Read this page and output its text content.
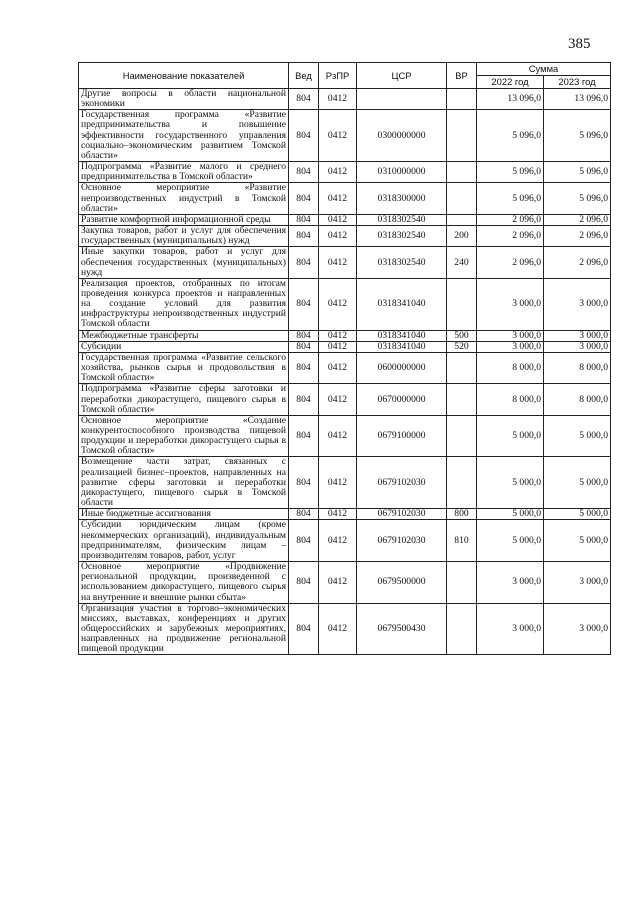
385
Наименование показателей	Вед	РзПР	ЦСР	ВР	Сумма	
					2022 год	2023 год
Другие вопросы в области национальной экономики	804	0412			13 096,0	13 096,0
Государственная программа «Развитие предпринимательства и повышение эффективности государственного управления социально–экономическим развитием Томской области»	804	0412	0300000000		5 096,0	5 096,0
Подпрограмма «Развитие малого и среднего предпринимательства в Томской области»	804	0412	0310000000		5 096,0	5 096,0
Основное мероприятие «Развитие непроизводственных индустрий в Томской области»	804	0412	0318300000		5 096,0	5 096,0
Развитие комфортной информационной среды	804	0412	0318302540		2 096,0	2 096,0
Закупка товаров, работ и услуг для обеспечения государственных (муниципальных) нужд	804	0412	0318302540	200	2 096,0	2 096,0
Иные закупки товаров, работ и услуг для обеспечения государственных (муниципальных) нужд	804	0412	0318302540	240	2 096,0	2 096,0
Реализация проектов, отобранных по итогам проведения конкурса проектов и направленных на создание условий для развития инфраструктуры непроизводственных индустрий Томской области	804	0412	0318341040		3 000,0	3 000,0
Межбюджетные трансферты	804	0412	0318341040	500	3 000,0	3 000,0
Субсидии	804	0412	0318341040	520	3 000,0	3 000,0
Государственная программа «Развитие сельского хозяйства, рынков сырья и продовольствия в Томской области»	804	0412	0600000000		8 000,0	8 000,0
Подпрограмма «Развитие сферы заготовки и переработки дикорастущего, пищевого сырья в Томской области»	804	0412	0670000000		8 000,0	8 000,0
Основное мероприятие «Создание конкурентоспособного производства пищевой продукции и переработки дикорастущего сырья в Томской области»	804	0412	0679100000		5 000,0	5 000,0
Возмещение части затрат, связанных с реализацией бизнес–проектов, направленных на развитие сферы заготовки и переработки дикорастущего, пищевого сырья в Томской области	804	0412	0679102030		5 000,0	5 000,0
Иные бюджетные ассигнования	804	0412	0679102030	800	5 000,0	5 000,0
Субсидии юридическим лицам (кроме некоммерческих организаций), индивидуальным предпринимателям, физическим лицам – производителям товаров, работ, услуг	804	0412	0679102030	810	5 000,0	5 000,0
Основное мероприятие «Продвижение региональной продукции, произведенной с использованием дикорастущего, пищевого сырья на внутренние и внешние рынки сбыта»	804	0412	0679500000		3 000,0	3 000,0
Организация участия в торгово–экономических миссиях, выставках, конференциях и других общероссийских и зарубежных мероприятиях, направленных на продвижение региональной пищевой продукции	804	0412	0679500430		3 000,0	3 000,0
